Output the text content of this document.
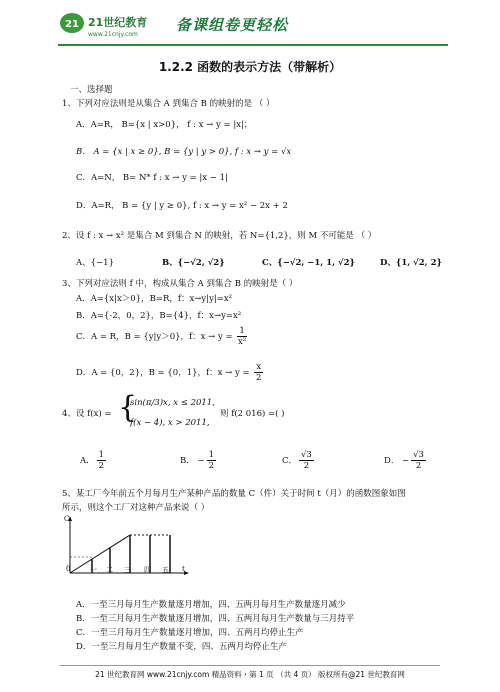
21 21世纪教育
www.21cnjy.com
备课组卷更轻松
1.2.2 函数的表示方法（带解析）
一、选择题
1、下列对应法则是从集合 A 到集合 B 的映射的是 （ ）
A．A=R， B={x | x>0}， f : x → y = |x|；
B． A = {x | x ≥ 0}, B = {y | y > 0}, f : x → y = √x
C．A=N， B= N* f : x → y = |x − 1|
D．A=R， B = {y | y ≥ 0}, f : x → y = x² − 2x + 2
2、设 f : x → x² 是集合 M 到集合 N 的映射，若 N={1,2}，则 M 不可能是 （ ）
A、{−1}	B、{−√2, √2}	C、{−√2, −1, 1, √2}	D、{1, √2, 2}
3、下列对应法则 f 中，构成从集合 A 到集合 B 的映射是（ ）
A．A={x|x＞0}，B=R，f：x→y|y|=x²
B．A={-2，0，2}，B={4}，f：x→y=x²
C．A = R，B = {y|y＞0}，f：$x \to y = \frac{1}{\text{x²}}$
D．A = {0，2}，B = {0，1}，f：$x \to y = \frac{x}{2}$
4、设 f(x) = {
sin(π/3)x, x ≤ 2011,
f(x − 4), x > 2011,
则 f(2 016) =( )
A． $\frac{1}{2}$	B． − $\frac{1}{2}$	C． $\frac{√3}{2}$	D． − $\frac{√3}{2}$
5、某工厂今年前五个月每月生产某种产品的数量 C（件）关于时间 t（月）的函数图象如图
所示，则这个工厂对这种产品来说（ ）
C
0	一 二 三 四 五 t
A．一至三月每月生产数量逐月增加，四、五两月每月生产数量逐月减少
B．一至三月每月生产数量逐月增加，四、五两月每月生产数量与三月持平
C．一至三月每月生产数量逐月增加，四、五两月均停止生产
D．一至三月每月生产数量不变，四、五两月均停止生产
21 世纪教育网 www.21cnjy.com 精品资料・第 1 页 （共 4 页） 版权所有@21 世纪教育网
